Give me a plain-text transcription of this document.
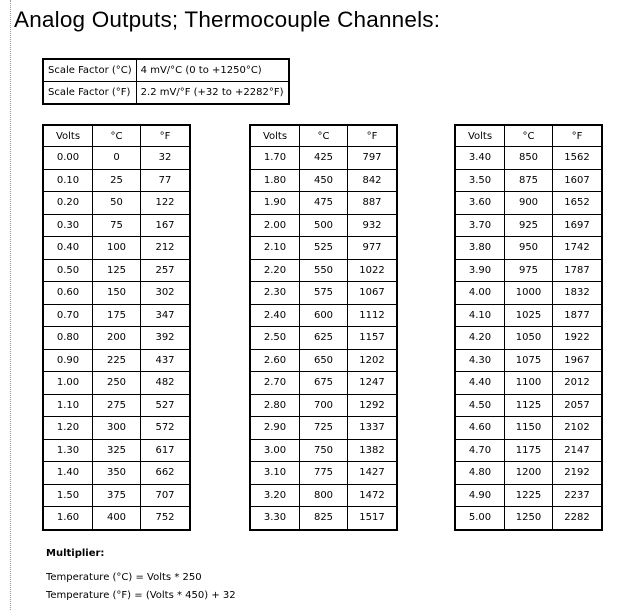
Analog Outputs; Thermocouple Channels:
Scale Factor (°C)	4 mV/°C (0 to +1250°C)
Scale Factor (°F)	2.2 mV/°F (+32 to +2282°F)
Volts	°C	°F
0.00	0	32
0.10	25	77
0.20	50	122
0.30	75	167
0.40	100	212
0.50	125	257
0.60	150	302
0.70	175	347
0.80	200	392
0.90	225	437
1.00	250	482
1.10	275	527
1.20	300	572
1.30	325	617
1.40	350	662
1.50	375	707
1.60	400	752
Volts	°C	°F
1.70	425	797
1.80	450	842
1.90	475	887
2.00	500	932
2.10	525	977
2.20	550	1022
2.30	575	1067
2.40	600	1112
2.50	625	1157
2.60	650	1202
2.70	675	1247
2.80	700	1292
2.90	725	1337
3.00	750	1382
3.10	775	1427
3.20	800	1472
3.30	825	1517
Volts	°C	°F
3.40	850	1562
3.50	875	1607
3.60	900	1652
3.70	925	1697
3.80	950	1742
3.90	975	1787
4.00	1000	1832
4.10	1025	1877
4.20	1050	1922
4.30	1075	1967
4.40	1100	2012
4.50	1125	2057
4.60	1150	2102
4.70	1175	2147
4.80	1200	2192
4.90	1225	2237
5.00	1250	2282
Multiplier:
Temperature (°C) = Volts * 250
Temperature (°F) = (Volts * 450) + 32
